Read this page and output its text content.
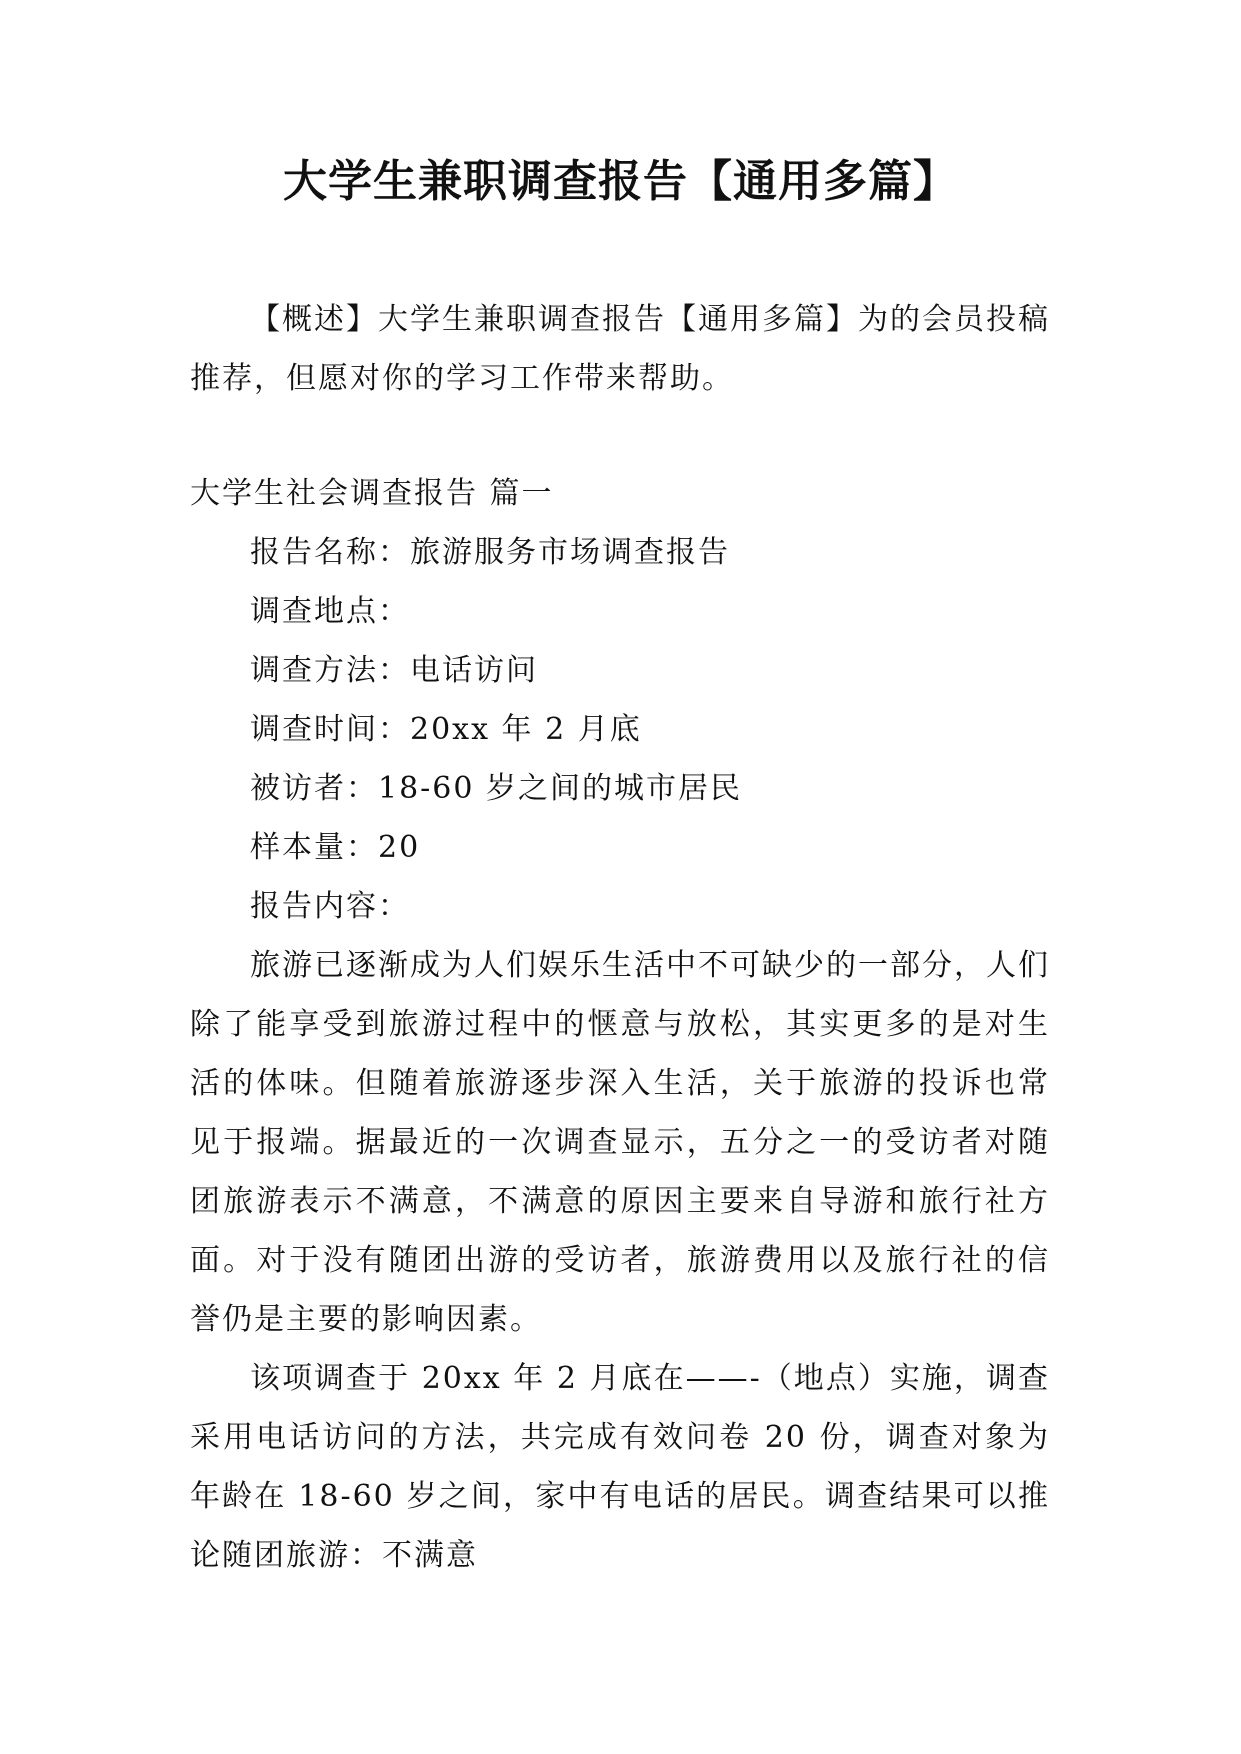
大学生兼职调查报告【通用多篇】

【概述】大学生兼职调查报告【通用多篇】为的会员投稿推荐，但愿对你的学习工作带来帮助。

大学生社会调查报告 篇一

报告名称：旅游服务市场调查报告

调查地点：

调查方法：电话访问

调查时间：20xx 年 2 月底

被访者：18-60 岁之间的城市居民

样本量：20

报告内容：

旅游已逐渐成为人们娱乐生活中不可缺少的一部分，人们除了能享受到旅游过程中的惬意与放松，其实更多的是对生活的体味。但随着旅游逐步深入生活，关于旅游的投诉也常见于报端。据最近的一次调查显示，五分之一的受访者对随团旅游表示不满意，不满意的原因主要来自导游和旅行社方面。对于没有随团出游的受访者，旅游费用以及旅行社的信誉仍是主要的影响因素。

该项调查于 20xx 年 2 月底在——-（地点）实施，调查采用电话访问的方法，共完成有效问卷 20 份，调查对象为年龄在 18-60 岁之间，家中有电话的居民。调查结果可以推论随团旅游：不满意
